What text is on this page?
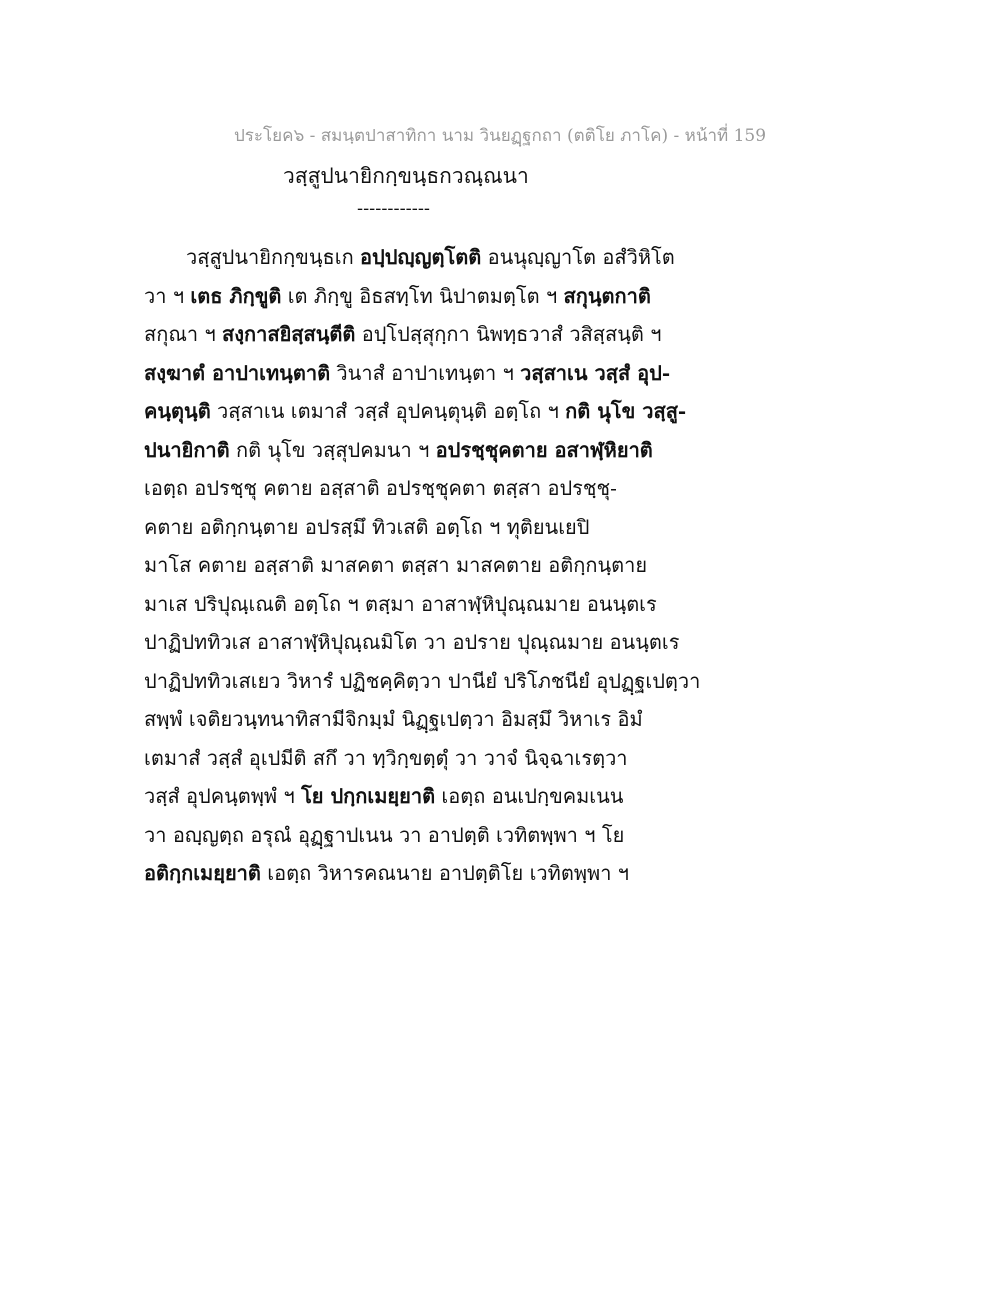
ประโยค๖ - สมนฺตปาสาทิกา นาม วินยฏฺฐกถา (ตติโย ภาโค) - หน้าที่ 159
วสฺสูปนายิกกฺขนฺธกวณฺณนา
------------
วสฺสูปนายิกกฺขนฺธเก อปฺปญฺญตฺโตติ อนนุญฺญาโต อสํวิหิโต
วา ฯ เตธ ภิกฺขูติ เต ภิกฺขู อิธสทฺโท นิปาตมตฺโต ฯ สกุนฺตกาติ
สกุณา ฯ สงฺกาสยิสฺสนฺตีติ อปฺโปสฺสุกฺกา นิพทฺธวาสํ วสิสฺสนฺติ ฯ
สงฺฆาตํ อาปาเทนฺตาติ วินาสํ อาปาเทนฺตา ฯ วสฺสาเน วสฺสํ อุป-
คนฺตุนฺติ วสฺสาเน เตมาสํ วสฺสํ อุปคนฺตุนฺติ อตฺโถ ฯ กติ นุโข วสฺสู-
ปนายิกาติ กติ นุโข วสฺสุปคมนา ฯ อปรชฺชุคตาย อสาฬฺหิยาติ
เอตฺถ อปรชฺชุ คตาย อสฺสาติ อปรชฺชุคตา ตสฺสา อปรชฺชุ-
คตาย อติกฺกนฺตาย อปรสฺมึ ทิวเสติ อตฺโถ ฯ ทุติยนเยปิ
มาโส คตาย อสฺสาติ มาสคตา ตสฺสา มาสคตาย อติกฺกนฺตาย
มาเส ปริปุณฺเณติ อตฺโถ ฯ ตสฺมา อาสาฬฺหิปุณฺณมาย อนนฺตเร
ปาฏิปททิวเส อาสาฬฺหิปุณฺณมิโต วา อปราย ปุณฺณมาย อนนฺตเร
ปาฏิปททิวเสเยว วิหารํ ปฏิชคฺคิตฺวา ปานียํ ปริโภชนียํ อุปฏฺฐเปตฺวา
สพฺพํ เจติยวนฺทนาทิสามีจิกมฺมํ นิฏฺฐเปตฺวา อิมสฺมึ วิหาเร อิมํ
เตมาสํ วสฺสํ อุเปมีติ สกึ วา ทฺวิกฺขตฺตุํ วา วาจํ นิจฺฉาเรตฺวา
วสฺสํ อุปคนฺตพฺพํ ฯ โย ปกฺกเมยฺยาติ เอตฺถ อนเปกฺขคมเนน
วา อญฺญตฺถ อรุณํ อุฏฺฐาปเนน วา อาปตฺติ เวทิตพฺพา ฯ โย
อติกฺกเมยฺยาติ เอตฺถ วิหารคณนาย อาปตฺติโย เวทิตพฺพา ฯ
